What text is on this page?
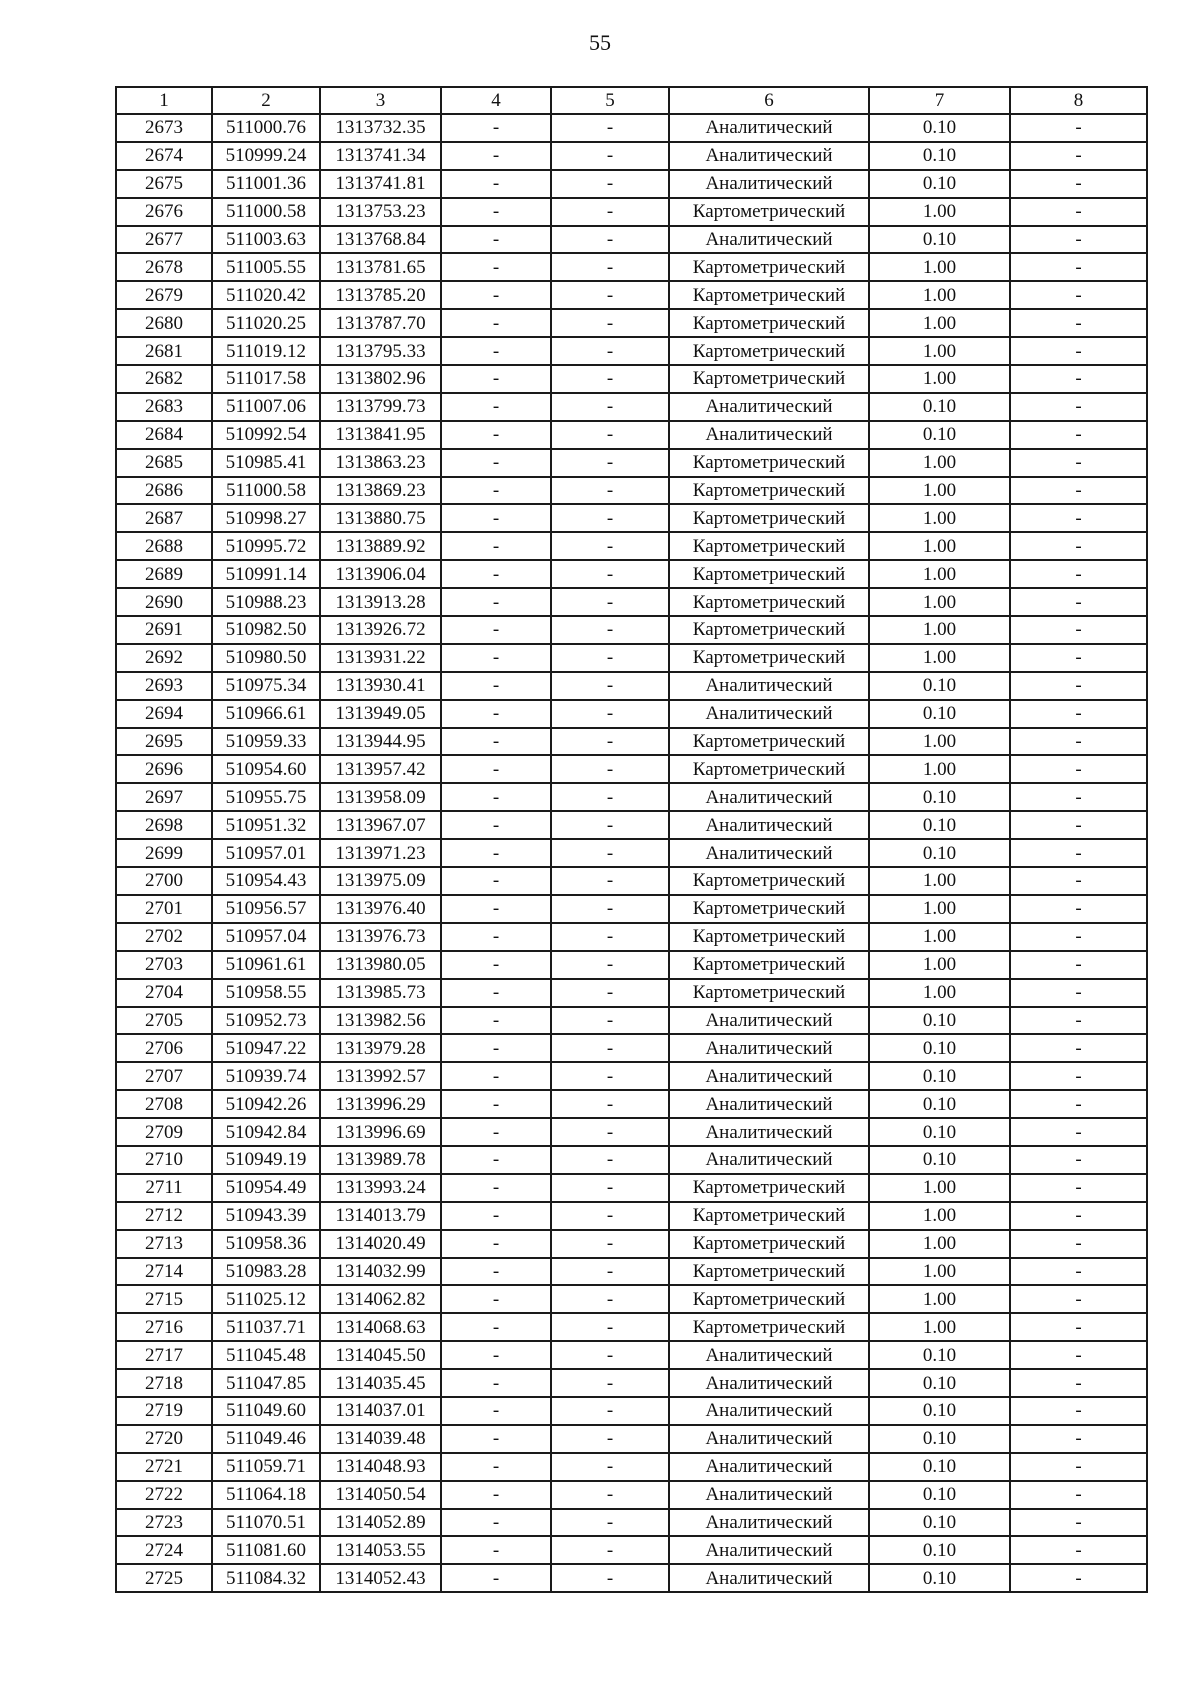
55
1	2	3	4	5	6	7	8
2673	511000.76	1313732.35	-	-	Аналитический	0.10	-
2674	510999.24	1313741.34	-	-	Аналитический	0.10	-
2675	511001.36	1313741.81	-	-	Аналитический	0.10	-
2676	511000.58	1313753.23	-	-	Картометрический	1.00	-
2677	511003.63	1313768.84	-	-	Аналитический	0.10	-
2678	511005.55	1313781.65	-	-	Картометрический	1.00	-
2679	511020.42	1313785.20	-	-	Картометрический	1.00	-
2680	511020.25	1313787.70	-	-	Картометрический	1.00	-
2681	511019.12	1313795.33	-	-	Картометрический	1.00	-
2682	511017.58	1313802.96	-	-	Картометрический	1.00	-
2683	511007.06	1313799.73	-	-	Аналитический	0.10	-
2684	510992.54	1313841.95	-	-	Аналитический	0.10	-
2685	510985.41	1313863.23	-	-	Картометрический	1.00	-
2686	511000.58	1313869.23	-	-	Картометрический	1.00	-
2687	510998.27	1313880.75	-	-	Картометрический	1.00	-
2688	510995.72	1313889.92	-	-	Картометрический	1.00	-
2689	510991.14	1313906.04	-	-	Картометрический	1.00	-
2690	510988.23	1313913.28	-	-	Картометрический	1.00	-
2691	510982.50	1313926.72	-	-	Картометрический	1.00	-
2692	510980.50	1313931.22	-	-	Картометрический	1.00	-
2693	510975.34	1313930.41	-	-	Аналитический	0.10	-
2694	510966.61	1313949.05	-	-	Аналитический	0.10	-
2695	510959.33	1313944.95	-	-	Картометрический	1.00	-
2696	510954.60	1313957.42	-	-	Картометрический	1.00	-
2697	510955.75	1313958.09	-	-	Аналитический	0.10	-
2698	510951.32	1313967.07	-	-	Аналитический	0.10	-
2699	510957.01	1313971.23	-	-	Аналитический	0.10	-
2700	510954.43	1313975.09	-	-	Картометрический	1.00	-
2701	510956.57	1313976.40	-	-	Картометрический	1.00	-
2702	510957.04	1313976.73	-	-	Картометрический	1.00	-
2703	510961.61	1313980.05	-	-	Картометрический	1.00	-
2704	510958.55	1313985.73	-	-	Картометрический	1.00	-
2705	510952.73	1313982.56	-	-	Аналитический	0.10	-
2706	510947.22	1313979.28	-	-	Аналитический	0.10	-
2707	510939.74	1313992.57	-	-	Аналитический	0.10	-
2708	510942.26	1313996.29	-	-	Аналитический	0.10	-
2709	510942.84	1313996.69	-	-	Аналитический	0.10	-
2710	510949.19	1313989.78	-	-	Аналитический	0.10	-
2711	510954.49	1313993.24	-	-	Картометрический	1.00	-
2712	510943.39	1314013.79	-	-	Картометрический	1.00	-
2713	510958.36	1314020.49	-	-	Картометрический	1.00	-
2714	510983.28	1314032.99	-	-	Картометрический	1.00	-
2715	511025.12	1314062.82	-	-	Картометрический	1.00	-
2716	511037.71	1314068.63	-	-	Картометрический	1.00	-
2717	511045.48	1314045.50	-	-	Аналитический	0.10	-
2718	511047.85	1314035.45	-	-	Аналитический	0.10	-
2719	511049.60	1314037.01	-	-	Аналитический	0.10	-
2720	511049.46	1314039.48	-	-	Аналитический	0.10	-
2721	511059.71	1314048.93	-	-	Аналитический	0.10	-
2722	511064.18	1314050.54	-	-	Аналитический	0.10	-
2723	511070.51	1314052.89	-	-	Аналитический	0.10	-
2724	511081.60	1314053.55	-	-	Аналитический	0.10	-
2725	511084.32	1314052.43	-	-	Аналитический	0.10	-
